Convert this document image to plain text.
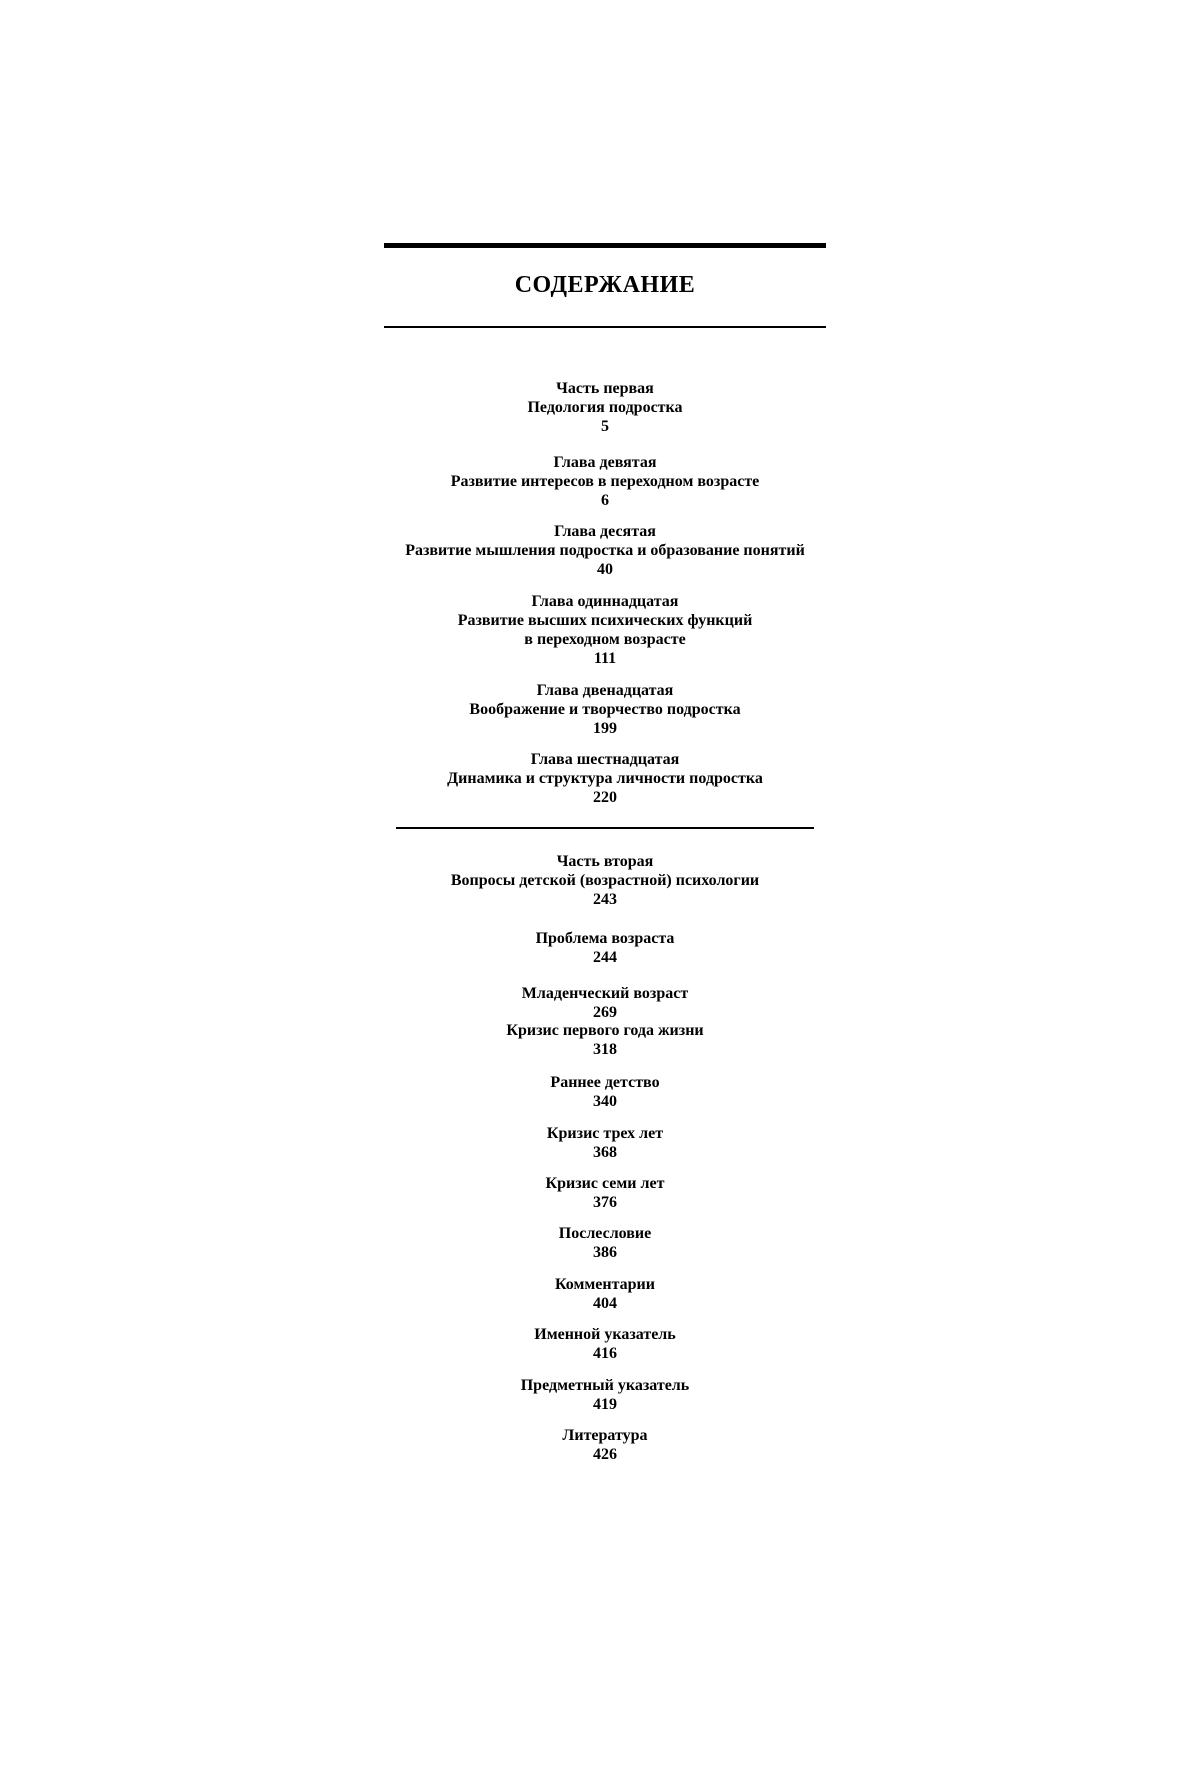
СОДЕРЖАНИЕ
Часть первая
Педология подростка
5
Глава девятая
Развитие интересов в переходном возрасте
6
Глава десятая
Развитие мышления подростка и образование понятий
40
Глава одиннадцатая
Развитие высших психических функций
в переходном возрасте
111
Глава двенадцатая
Воображение и творчество подростка
199
Глава шестнадцатая
Динамика и структура личности подростка
220
Часть вторая
Вопросы детской (возрастной) психологии
243
Проблема возраста
244
Младенческий возраст
269
Кризис первого года жизни
318
Раннее детство
340
Кризис трех лет
368
Кризис семи лет
376
Послесловие
386
Комментарии
404
Именной указатель
416
Предметный указатель
419
Литература
426
